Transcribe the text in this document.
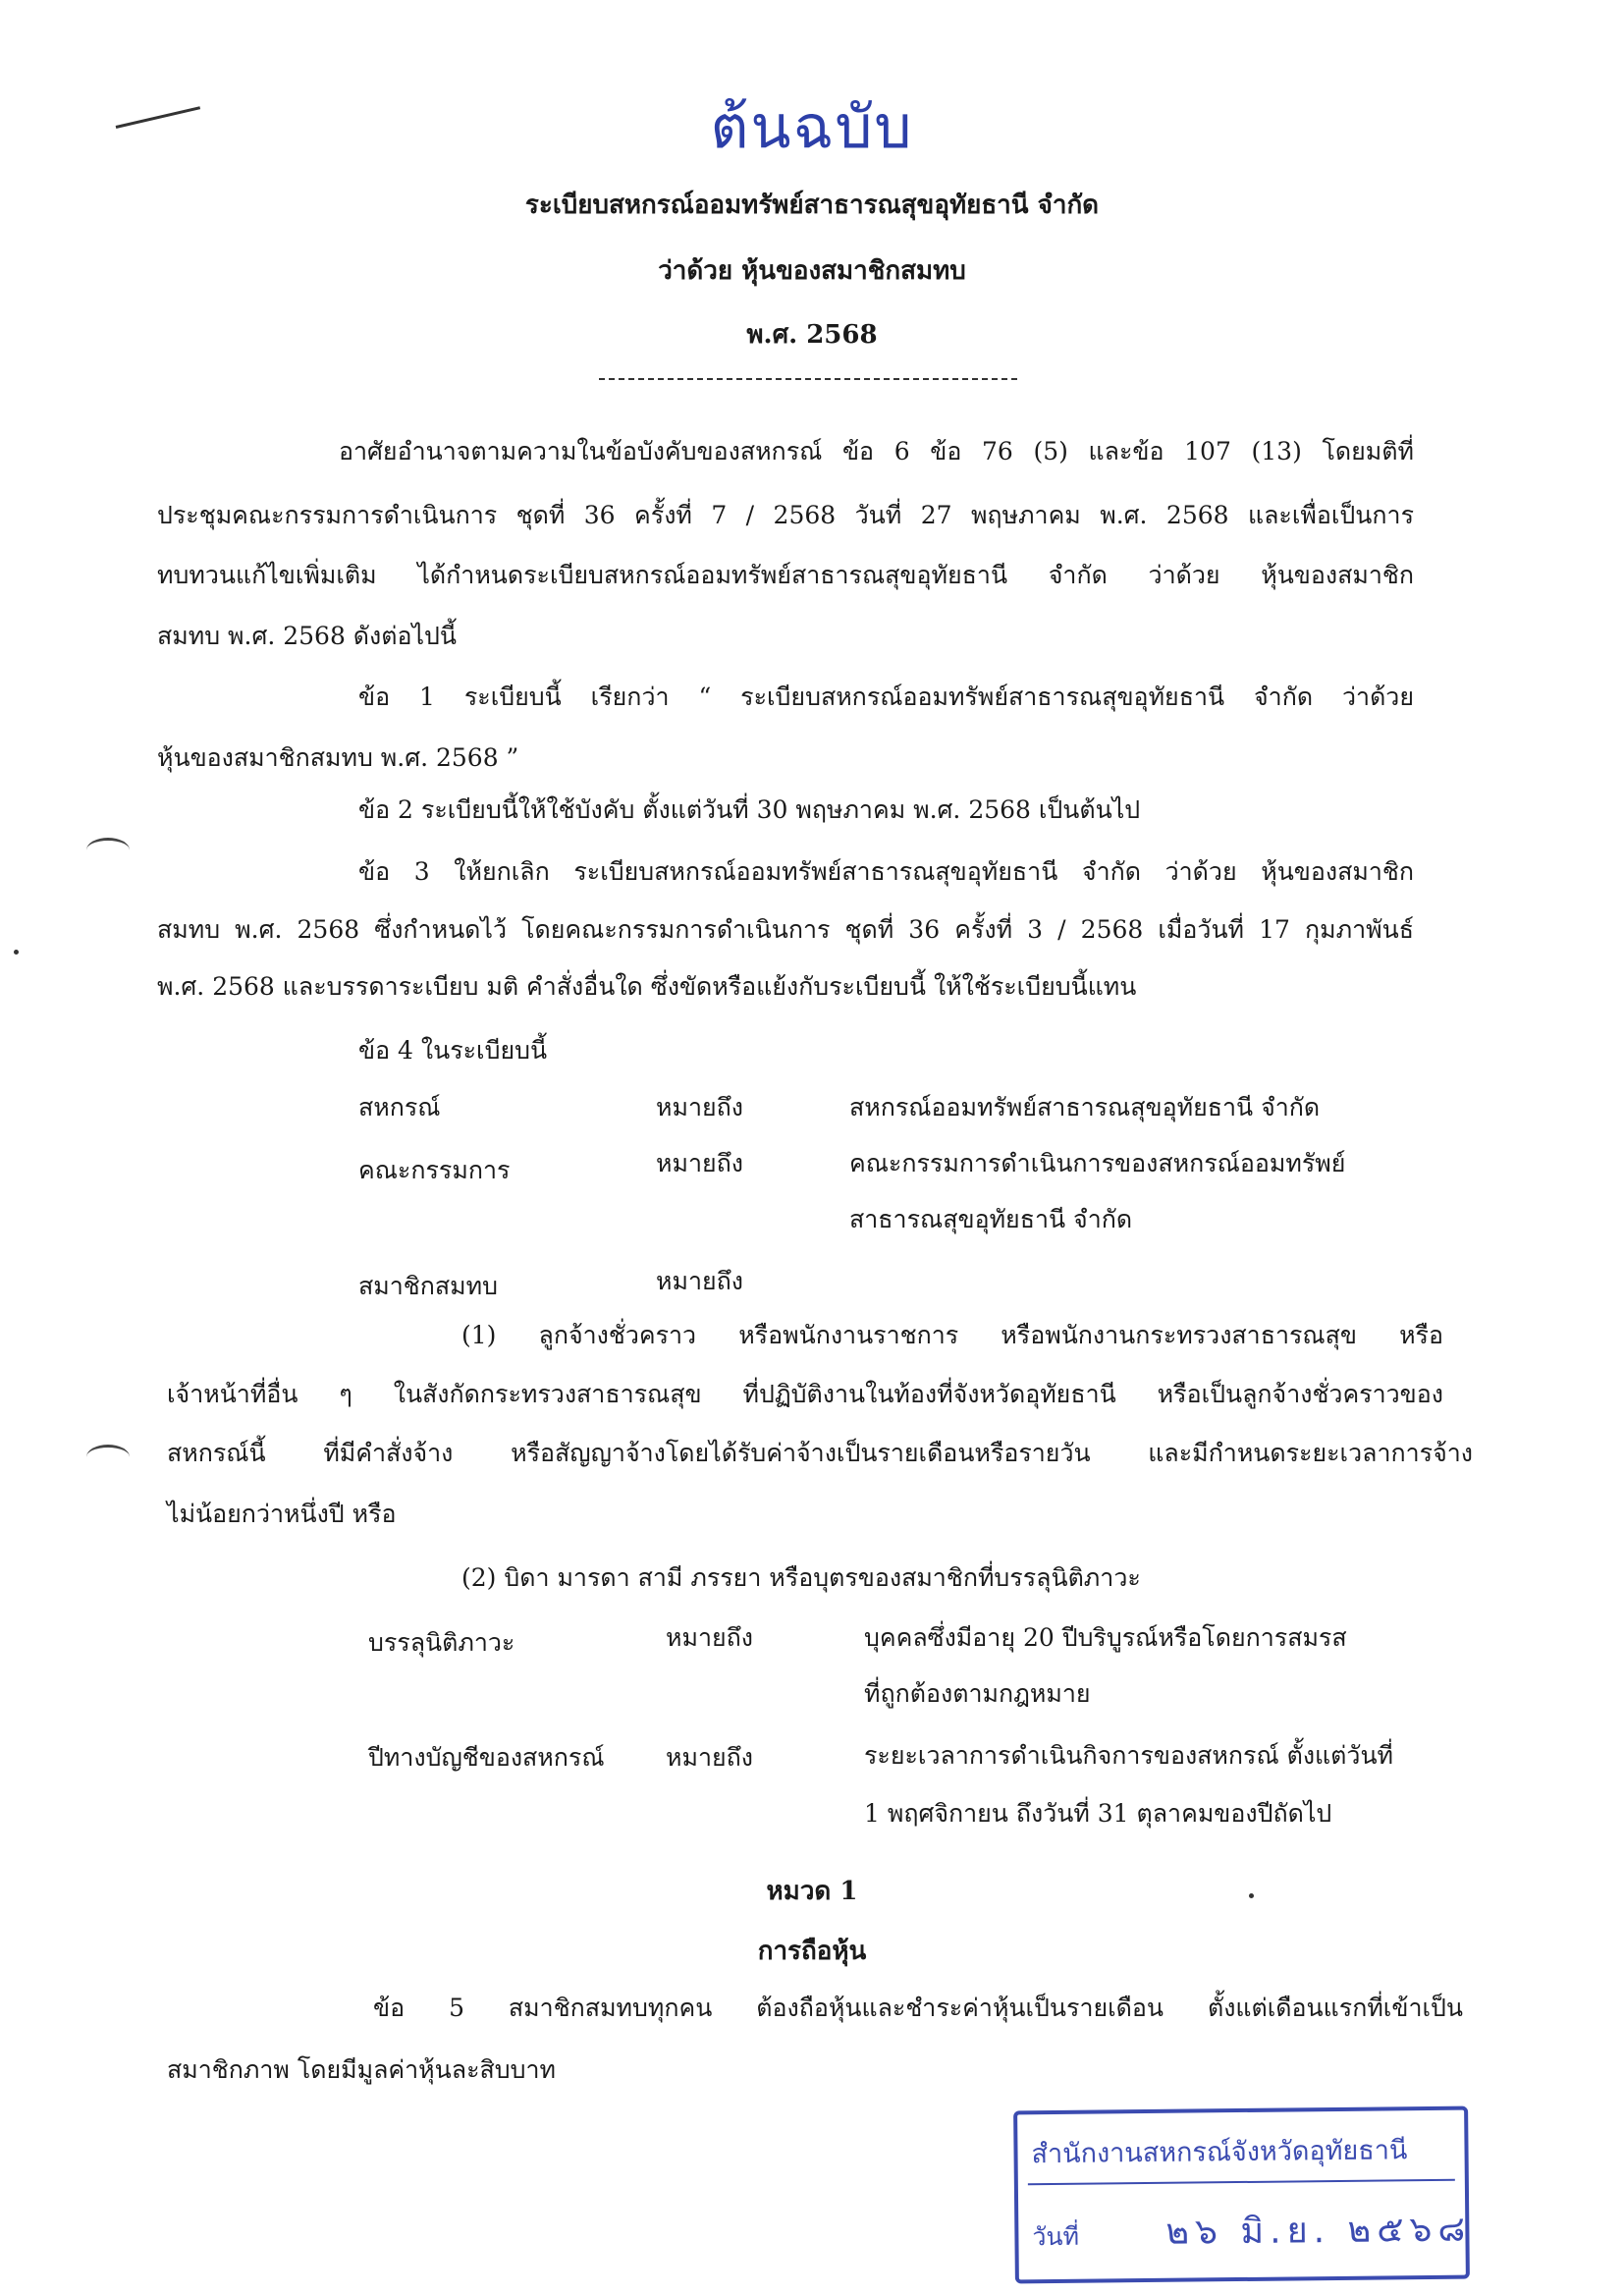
ต้นฉบับ
ระเบียบสหกรณ์ออมทรัพย์สาธารณสุขอุทัยธานี จำกัด
ว่าด้วย หุ้นของสมาชิกสมทบ
พ.ศ. 2568
อาศัยอำนาจตามความในข้อบังคับของสหกรณ์ ข้อ 6 ข้อ 76 (5) และข้อ 107 (13) โดยมติที่
ประชุมคณะกรรมการดำเนินการ ชุดที่ 36 ครั้งที่ 7 / 2568 วันที่ 27 พฤษภาคม พ.ศ. 2568 และเพื่อเป็นการ
ทบทวนแก้ไขเพิ่มเติม ได้กำหนดระเบียบสหกรณ์ออมทรัพย์สาธารณสุขอุทัยธานี จำกัด ว่าด้วย หุ้นของสมาชิก
สมทบ พ.ศ. 2568 ดังต่อไปนี้
ข้อ 1 ระเบียบนี้ เรียกว่า “ ระเบียบสหกรณ์ออมทรัพย์สาธารณสุขอุทัยธานี จำกัด ว่าด้วย
หุ้นของสมาชิกสมทบ พ.ศ. 2568 ”
ข้อ 2 ระเบียบนี้ให้ใช้บังคับ ตั้งแต่วันที่ 30 พฤษภาคม พ.ศ. 2568 เป็นต้นไป
ข้อ 3 ให้ยกเลิก ระเบียบสหกรณ์ออมทรัพย์สาธารณสุขอุทัยธานี จำกัด ว่าด้วย หุ้นของสมาชิก
สมทบ พ.ศ. 2568 ซึ่งกำหนดไว้ โดยคณะกรรมการดำเนินการ ชุดที่ 36 ครั้งที่ 3 / 2568 เมื่อวันที่ 17 กุมภาพันธ์
พ.ศ. 2568 และบรรดาระเบียบ มติ คำสั่งอื่นใด ซึ่งขัดหรือแย้งกับระเบียบนี้ ให้ใช้ระเบียบนี้แทน
ข้อ 4 ในระเบียบนี้
สหกรณ์	หมายถึง	สหกรณ์ออมทรัพย์สาธารณสุขอุทัยธานี จำกัด
คณะกรรมการ	หมายถึง	คณะกรรมการดำเนินการของสหกรณ์ออมทรัพย์
สาธารณสุขอุทัยธานี จำกัด
สมาชิกสมทบ	หมายถึง
(1) ลูกจ้างชั่วคราว หรือพนักงานราชการ หรือพนักงานกระทรวงสาธารณสุข หรือ
เจ้าหน้าที่อื่น ๆ ในสังกัดกระทรวงสาธารณสุข ที่ปฏิบัติงานในท้องที่จังหวัดอุทัยธานี หรือเป็นลูกจ้างชั่วคราวของ
สหกรณ์นี้ ที่มีคำสั่งจ้าง หรือสัญญาจ้างโดยได้รับค่าจ้างเป็นรายเดือนหรือรายวัน และมีกำหนดระยะเวลาการจ้าง
ไม่น้อยกว่าหนึ่งปี หรือ
(2) บิดา มารดา สามี ภรรยา หรือบุตรของสมาชิกที่บรรลุนิติภาวะ
บรรลุนิติภาวะ	หมายถึง	บุคคลซึ่งมีอายุ 20 ปีบริบูรณ์หรือโดยการสมรส
ที่ถูกต้องตามกฎหมาย
ปีทางบัญชีของสหกรณ์ หมายถึง	ระยะเวลาการดำเนินกิจการของสหกรณ์ ตั้งแต่วันที่
1 พฤศจิกายน ถึงวันที่ 31 ตุลาคมของปีถัดไป
หมวด 1
การถือหุ้น
ข้อ 5 สมาชิกสมทบทุกคน ต้องถือหุ้นและชำระค่าหุ้นเป็นรายเดือน ตั้งแต่เดือนแรกที่เข้าเป็น
สมาชิกภาพ โดยมีมูลค่าหุ้นละสิบบาท
สำนักงานสหกรณ์จังหวัดอุทัยธานี
วันที่ ๒๖ มิ.ย. ๒๕๖๘
